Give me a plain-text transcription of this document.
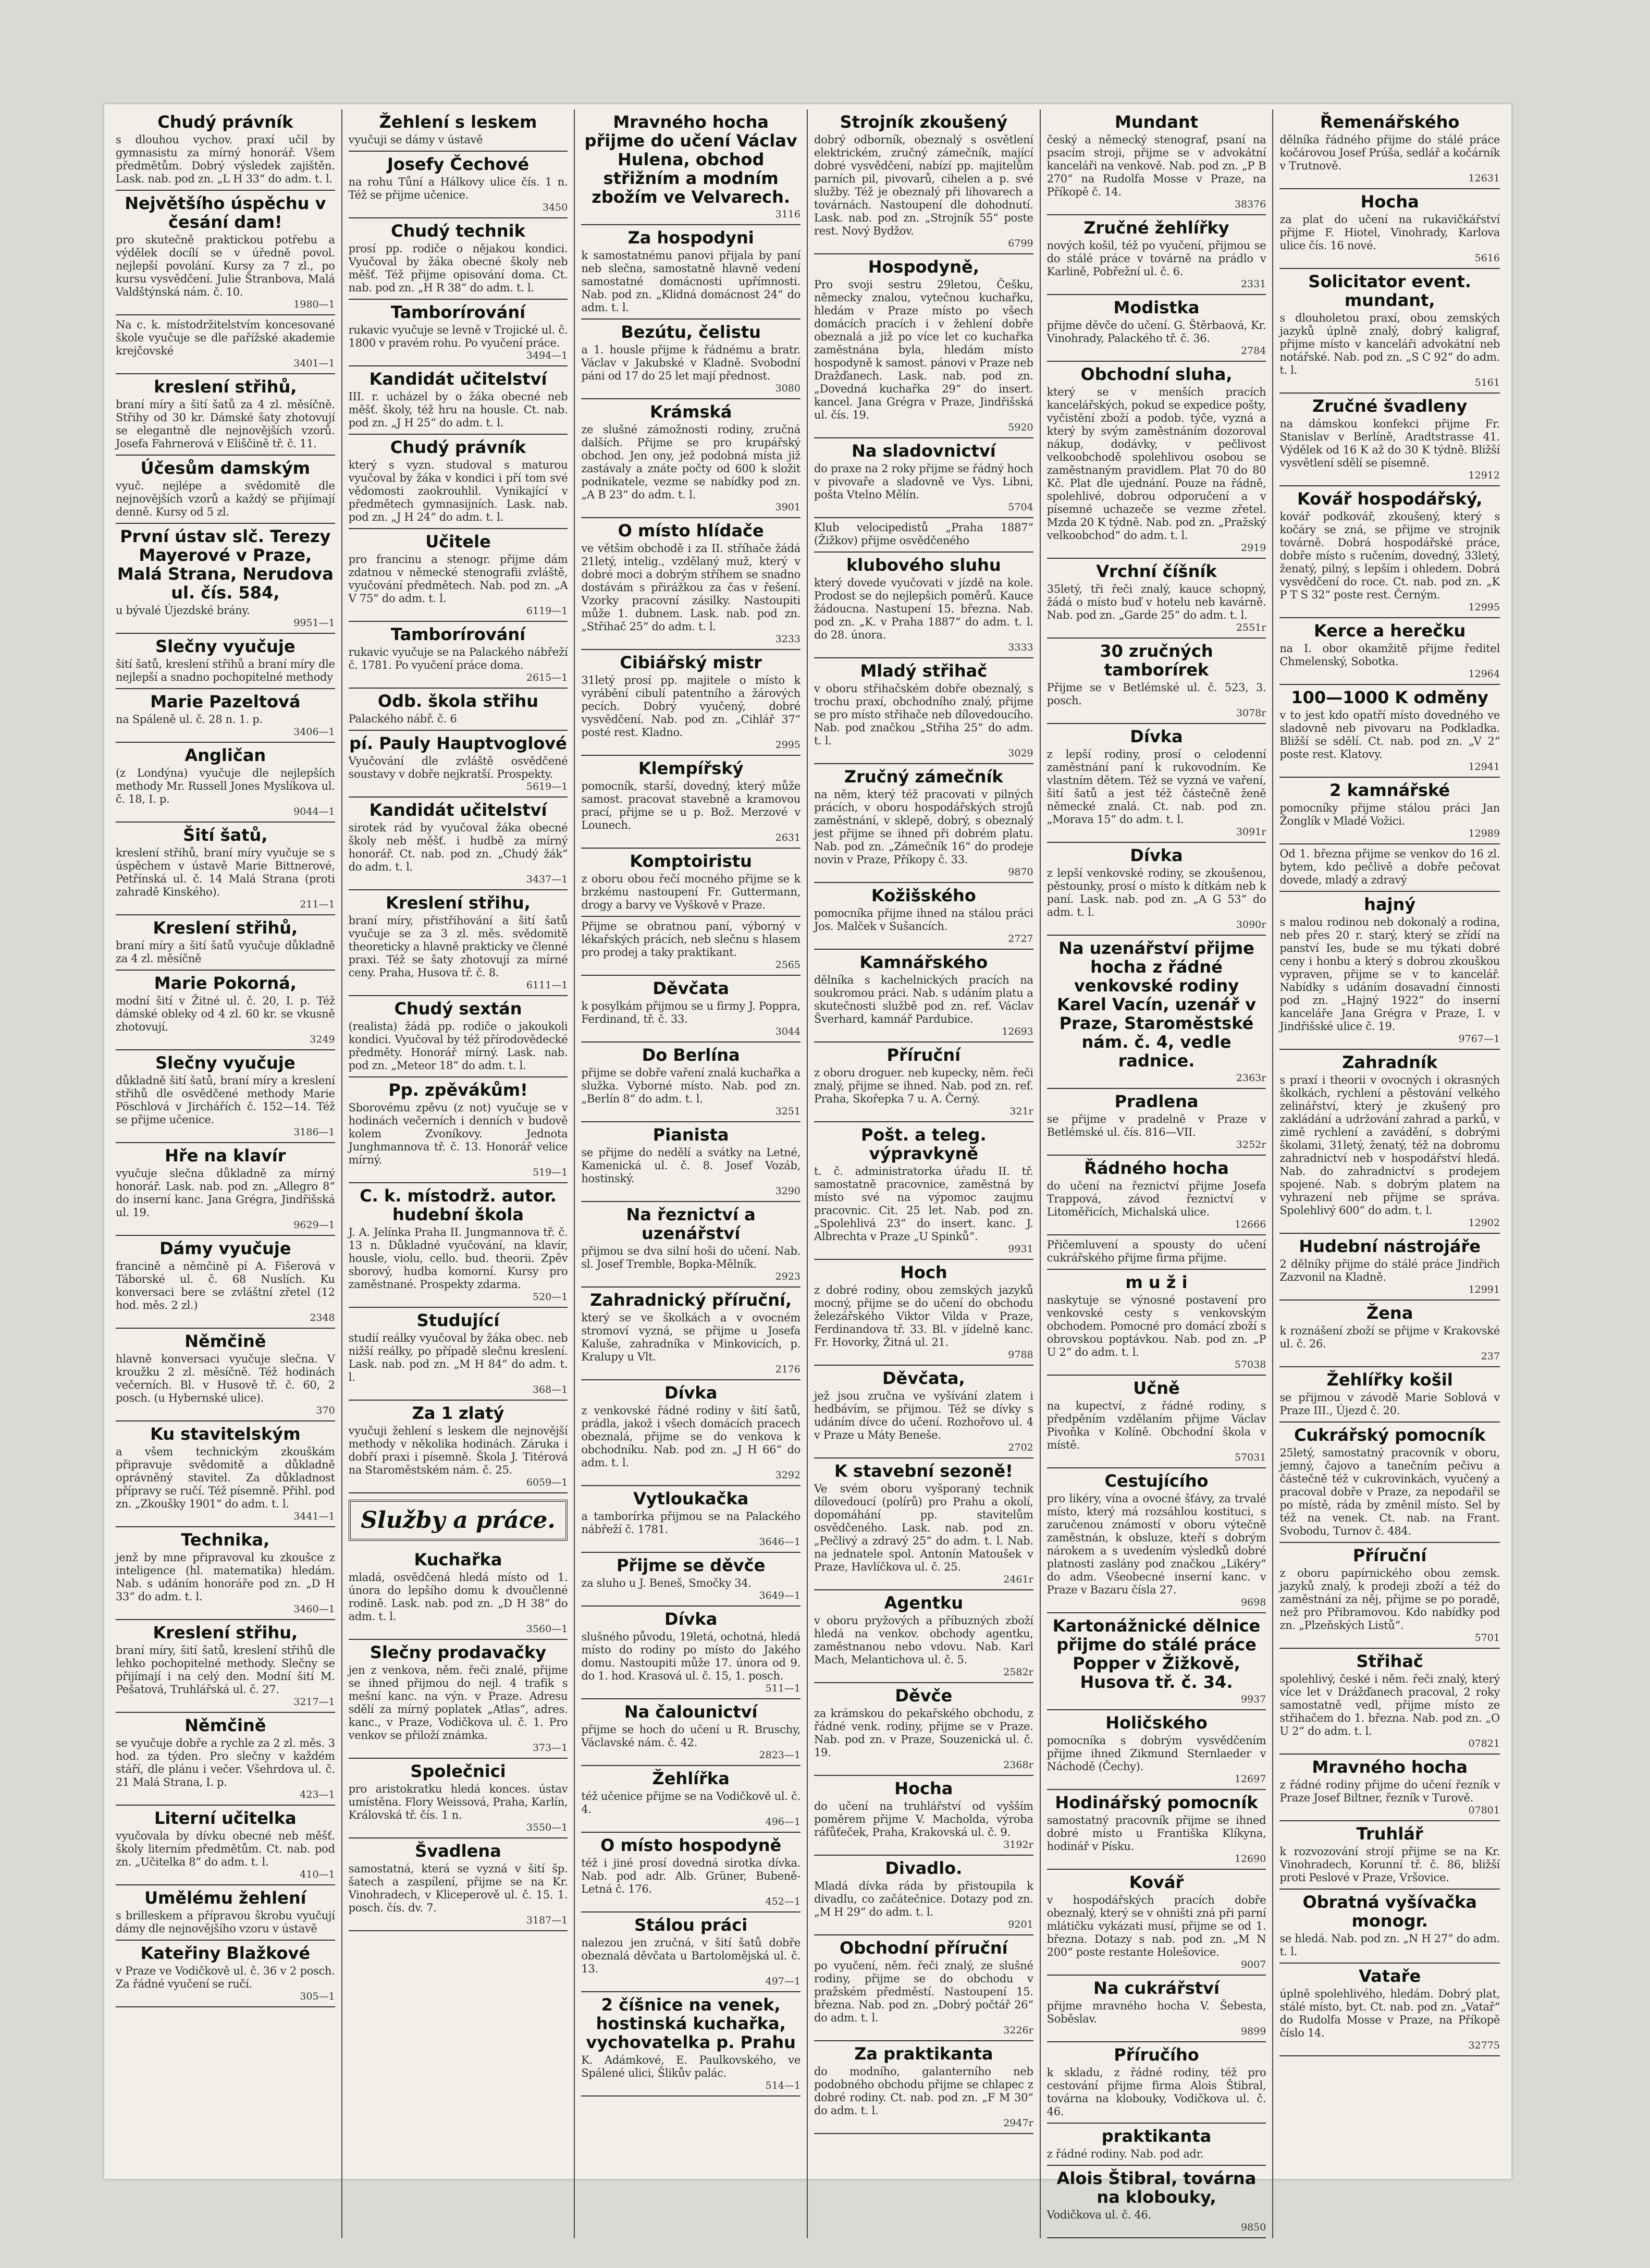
Chudý právník

s dlouhou vychov. praxí učil by gymnasistu za mírný honorář. Všem předmětům. Dobrý výsledek zajištěn. Lask. nab. pod zn. „L H 33“ do adm. t. l.

Největšího úspěchu v česání dam!

pro skutečně praktickou potřebu a výdělek docílí se v úředně povol. nejlepší povolání. Kursy za 7 zl., po kursu vysvědčení. Julie Štranbova, Malá Valdštýnská nám. č. 10.

1980—1

Na c. k. místodržitelstvím koncesované škole vyučuje se dle pařížské akademie krejčovské

3401—1
kreslení střihů,

braní míry a šití šatů za 4 zl. měsíčně. Střihy od 30 kr. Dámské šaty zhotovují se elegantně dle nejnovějších vzorů. Josefa Fahrnerová v Eliščině tř. č. 11.

Účesům damským

vyuč. nejlépe a svědomitě dle nejnovějších vzorů a každý se přijímají denně. Kursy od 5 zl.

První ústav slč. Terezy Mayerové v Praze, Malá Strana, Nerudova ul. čís. 584,

u bývalé Újezdské brány.

9951—1
Slečny vyučuje

šití šatů, kreslení střihů a braní míry dle nejlepší a snadno pochopitelné methody

Marie Pazeltová

na Spáleně ul. č. 28 n. 1. p.

3406—1
Angličan

(z Londýna) vyučuje dle nejlepších methody Mr. Russell Jones Myslíkova ul. č. 18, I. p.

9044—1
Šití šatů,

kreslení střihů, braní míry vyučuje se s úspěchem v ústavě Marie Bittnerové, Petřínská ul. č. 14 Malá Strana (proti zahradě Kinského).

211—1
Kreslení střihů,

braní míry a šití šatů vyučuje důkladně za 4 zl. měsíčně

Marie Pokorná,

modní šití v Žitné ul. č. 20, I. p. Též dámské obleky od 4 zl. 60 kr. se vkusně zhotovují.

3249
Slečny vyučuje

důkladně šití šatů, braní míry a kreslení střihů dle osvědčené methody Marie Pöschlová v Jirchářích č. 152—14. Též se přijme učenice.

3186—1
Hře na klavír

vyučuje slečna důkladně za mírný honorář. Lask. nab. pod zn. „Allegro 8“ do inserní kanc. Jana Grégra, Jindřišská ul. 19.

9629—1
Dámy vyučuje

francině a němčině pí A. Fišerová v Táborské ul. č. 68 Nuslích. Ku konversaci bere se zvláštní zřetel (12 hod. měs. 2 zl.)

2348
Němčině

hlavně konversaci vyučuje slečna. V kroužku 2 zl. měsíčně. Též hodinách večerních. Bl. v Husově tř. č. 60, 2 posch. (u Hybernské ulice).

370
Ku stavitelským

a všem technickým zkouškám připravuje svědomitě a důkladně oprávněný stavitel. Za důkladnost přípravy se ručí. Též písemně. Přihl. pod zn. „Zkoušky 1901“ do adm. t. l.

3441—1
Technika,

jenž by mne připravoval ku zkoušce z inteligence (hl. matematika) hledám. Nab. s udáním honoráře pod zn. „D H 33“ do adm. t. l.

3460—1
Kreslení střihu,

braní míry, šití šatů, kreslení střihů dle lehko pochopitelné methody. Slečny se přijímají i na celý den. Modní šití M. Pešatová, Truhlářská ul. č. 27.

3217—1
Němčině

se vyučuje dobře a rychle za 2 zl. měs. 3 hod. za týden. Pro slečny v každém stáří, dle plánu i večer. Všehrdova ul. č. 21 Malá Strana, I. p.

423—1
Literní učitelka

vyučovala by dívku obecné neb měšť. školy literním předmětům. Ct. nab. pod zn. „Učitelka 8“ do adm. t. l.

410—1
Umělému žehlení

s brilleskem a přípravou škrobu vyučují dámy dle nejnovějšího vzoru v ústavě

Kateřiny Blažkové

v Praze ve Vodičkově ul. č. 36 v 2 posch. Za řádné vyučení se ručí.

305—1
Žehlení s leskem

vyučuji se dámy v ústavě

Josefy Čechové

na rohu Tůní a Hálkovy ulice čís. 1 n. Též se přijme učenice.

3450
Chudý technik

prosí pp. rodiče o nějakou kondici. Vyučoval by žáka obecné školy neb měšť. Též přijme opisování doma. Ct. nab. pod zn. „H R 38“ do adm. t. l.

Tamborírování

rukavic vyučuje se levně v Trojické ul. č. 1800 v pravém rohu. Po vyučení práce.

3494—1
Kandidát učitelství

III. r. ucházel by o žáka obecné neb měšť. školy, též hru na housle. Ct. nab. pod zn. „J H 25“ do adm. t. l.

Chudý právník

který s vyzn. studoval s maturou vyučoval by žáka v kondici i pří tom své vědomosti zaokrouhlil. Vynikající v předmětech gymnasijních. Lask. nab. pod zn. „J H 24“ do adm. t. l.

Učitele

pro francinu a stenogr. přijme dám zdatnou v německé stenografii zvláště, vyučování předmětech. Nab. pod zn. „A V 75“ do adm. t. l.

6119—1
Tamborírování

rukavic vyučuje se na Palackého nábřeží č. 1781. Po vyučení práce doma.

2615—1
Odb. škola střihu

Palackého nábř. č. 6

pí. Pauly Hauptvoglové

Vyučování dle zvláště osvědčené soustavy v dobře nejkratší. Prospekty.

5619—1
Kandidát učitelství

sirotek rád by vyučoval žáka obecné školy neb měšť. i hudbě za mírný honorář. Ct. nab. pod zn. „Chudý žák“ do adm. t. l.

3437—1
Kreslení střihu,

braní míry, přistřihování a šití šatů vyučuje se za 3 zl. měs. svědomitě theoreticky a hlavně prakticky ve členné praxi. Též se šaty zhotovují za mírné ceny. Praha, Husova tř. č. 8.

6111—1
Chudý sextán

(realista) žádá pp. rodiče o jakoukoli kondici. Vyučoval by též přírodovědecké předměty. Honorář mírný. Lask. nab. pod zn. „Meteor 18“ do adm. t. l.

Pp. zpěvákům!

Sborovému zpěvu (z not) vyučuje se v hodinách večerních i denních v budově kolem Zvoníkovy. Jednota Junghmannova tř. č. 13. Honorář velice mírný.

519—1
C. k. místodrž. autor. hudební škola

J. A. Jelínka Praha II. Jungmannova tř. č. 13 n. Důkladné vyučování, na klavír, housle, violu, cello. bud. theorii. Zpěv sborový, hudba komorní. Kursy pro zaměstnané. Prospekty zdarma.

520—1
Studující

studií reálky vyučoval by žáka obec. neb nižší reálky, po případě slečnu kreslení. Lask. nab. pod zn. „M H 84“ do adm. t. l.

368—1
Za 1 zlatý

vyučuji žehlení s leskem dle nejnovější methody v několika hodinách. Záruka i dobří praxi i písemně. Škola J. Titérová na Staroměstském nám. č. 25.

6059—1
Služby a práce.
Kuchařka

mladá, osvědčená hledá místo od 1. února do lepšího domu k dvoučlenné rodině. Lask. nab. pod zn. „D H 38“ do adm. t. l.

3560—1
Slečny prodavačky

jen z venkova, něm. řeči znalé, přijme se ihned přijmou do nejl. 4 trafik s mešní kanc. na výn. v Praze. Adresu sdělí za mírný poplatek „Atlas“, adres. kanc., v Praze, Vodičkova ul. č. 1. Pro venkov se přiloží známka.

373—1
Společnici

pro aristokratku hledá konces. ústav umístěna. Flory Weissová, Praha, Karlín, Královská tř. čís. 1 n.

3550—1
Švadlena

samostatná, která se vyzná v šití šp. šatech a zaspílení, přijme se na Kr. Vinohradech, v Kliceperově ul. č. 15. 1. posch. čís. dv. 7.

3187—1
Mravného hocha přijme do učení Václav Hulena, obchod střižním a modním zbožím ve Velvarech.
3116
Za hospodyni

k samostatnému panovi přijala by paní neb slečna, samostatně hlavně vedení samostatné domácnosti upřímnosti. Nab. pod zn. „Klidná domácnost 24“ do adm. t. l.

Bezútu, čelistu

a 1. housle přijme k řádnému a bratr. Václav v Jakubské v Kladně. Svobodní páni od 17 do 25 let mají přednost.

3080
Krámská

ze slušné zámožnosti rodiny, zručná dalších. Přijme se pro krupářský obchod. Jen ony, jež podobná místa již zastávaly a znáte počty od 600 k složit podnikatele, vezme se nabídky pod zn. „A B 23“ do adm. t. l.

3901
O místo hlídače

ve většim obchodě i za II. stříhače žádá 21letý, intelig., vzdělaný muž, který v dobré moci a dobrým stříhem se snadno dostávám s přirážkou za čas v řešení. Vzorky pracovní zásilky. Nastoupiti může 1. dubnem. Lask. nab. pod zn. „Střihač 25“ do adm. t. l.

3233
Cibiářský mistr

31letý prosí pp. majitele o místo k vyrábění cibulí patentního a žárových pecích. Dobrý vyučený, dobré vysvědčení. Nab. pod zn. „Cihlář 37“ posté rest. Kladno.

2995
Klempířský

pomocník, starší, dovedný, který může samost. pracovat stavebně a kramovou prací, přijme se u p. Bož. Merzové v Lounech.

2631
Komptoiristu

z oboru obou řečí mocného přijme se k brzkému nastoupení Fr. Guttermann, drogy a barvy ve Vyškově v Praze.

Přijme se obratnou paní, výborný v lékařských prácích, neb slečnu s hlasem pro prodej a taky praktikant.

2565
Děvčata

k posylkám přijmou se u firmy J. Poppra, Ferdinand, tř. č. 33.

3044
Do Berlína

přijme se dobře vaření znalá kuchařka a služka. Vyborné místo. Nab. pod zn. „Berlín 8“ do adm. t. l.

3251
Pianista

se přijme do nedělí a svátky na Letné, Kamenická ul. č. 8. Josef Vozáb, hostinský.

3290
Na řeznictví a uzenářství

přijmou se dva silní hoši do učení. Nab. sl. Josef Tremble, Bopka-Mělník.

2923
Zahradnický příruční,

který se ve školkách a v ovocném stromoví vyzná, se přijme u Josefa Kaluše, zahradníka v Minkovicích, p. Kralupy u Vlt.

2176
Dívka

z venkovské řádné rodiny v šití šatů, prádla, jakož i všech domácích pracech obeznalá, přijme se do venkova k obchodníku. Nab. pod zn. „J H 66“ do adm. t. l.

3292
Vytloukačka

a tamborírka přijmou se na Palackého nábřeží č. 1781.

3646—1
Přijme se děvče

za sluho u J. Beneš, Smočky 34.

3649—1
Dívka

slušného původu, 19letá, ochotná, hledá místo do rodiny po místo do Jakého domu. Nastoupiti může 17. února od 9. do 1. hod. Krasová ul. č. 15, 1. posch.

511—1
Na čalounictví

přijme se hoch do učení u R. Bruschy, Václavské nám. č. 42.

2823—1
Žehlířka

též učenice přijme se na Vodičkově ul. č. 4.

496—1
O místo hospodyně

též i jiné prosí dovedná sirotka dívka. Nab. pod adr. Alb. Grüner, Bubeně-Letná č. 176.

452—1
Stálou práci

nalezou jen zručná, v šití šatů dobře obeznalá děvčata u Bartolomějská ul. č. 13.

497—1
2 číšnice na venek, hostinská kuchařka, vychovatelka p. Prahu

K. Adámkové, E. Paulkovského, ve Spálené ulici, Šlikův palác.

514—1
Strojník zkoušený

dobrý odborník, obeznalý s osvětlení elektrickém, zručný zámečník, mající dobré vysvědčení, nabízí pp. majitelům parních pil, pivovarů, cihelen a p. své služby. Též je obeznalý při lihovarech a továrnách. Nastoupení dle dohodnutí. Lask. nab. pod zn. „Strojník 55“ poste rest. Nový Bydžov.

6799
Hospodyně,

Pro svoji sestru 29letou, Češku, německy znalou, vytečnou kuchařku, hledám v Praze místo po všech domácích pracích i v žehlení dobře obeznalá a již po více let co kuchařka zaměstnána byla, hledám místo hospodyně k samost. pánovi v Praze neb Dražďanech. Lask. nab. pod zn. „Dovedná kuchařka 29“ do insert. kancel. Jana Grégra v Praze, Jindřišská ul. čís. 19.

5920
Na sladovnictví

do praxe na 2 roky přijme se řádný hoch v pivovaře a sladovně ve Vys. Libni, pošta Vtelno Mělín.

5704

Klub velocipedistů „Praha 1887“ (Žižkov) přijme osvědčeného

klubového sluhu

který dovede vyučovati v jízdě na kole. Prodost se do nejlepšich poměrů. Kauce žádoucna. Nastupení 15. března. Nab. pod zn. „K. v Praha 1887“ do adm. t. l. do 28. února.

3333
Mladý střihač

v oboru střihačském dobře obeznalý, s trochu praxí, obchodního znalý, přijme se pro místo střihače neb dílovedoucího. Nab. pod značkou „Střiha 25“ do adm. t. l.

3029
Zručný zámečník

na něm, který též pracovati v pilných prácích, v oboru hospodářských strojů zaměstnání, v sklepě, dobrý, s obeznalý jest přijme se ihned při dobrém platu. Nab. pod zn. „Zámečník 16“ do prodeje novin v Praze, Příkopy č. 33.

9870
Kožišského

pomocníka přijme ihned na stálou práci Jos. Malček v Sušancích.

2727
Kamnářského

dělníka s kachelnických pracích na soukromou práci. Nab. s udáním platu a skutečnosti službě pod zn. ref. Václav Šverhard, kamnář Pardubice.

12693
Příruční

z oboru droguer. neb kupecky, něm. řeči znalý, přijme se ihned. Nab. pod zn. ref. Praha, Skořepka 7 u. A. Černý.

321r
Pošt. a teleg. výpravkyně

t. č. administratorka úřadu II. tř. samostatně pracovnice, zaměstná by místo své na výpomoc zaujmu pracovnic. Cit. 25 let. Nab. pod zn. „Spolehlivá 23“ do insert. kanc. J. Albrechta v Praze „U Spinků“.

9931
Hoch

z dobré rodiny, obou zemských jazyků mocný, přijme se do učení do obchodu železářského Viktor Vilda v Praze, Ferdinandova tř. 33. Bl. v jídelně kanc. Fr. Hovorky, Žitná ul. 21.

9788
Děvčata,

jež jsou zručna ve vyšívání zlatem i hedbávím, se přijmou. Též se dívky s udáním dívce do učení. Rozhořovo ul. 4 v Praze u Máty Beneše.

2702
K stavební sezoně!

Ve svém oboru vyšporaný technik dílovedoucí (polírů) pro Prahu a okolí, dopomáhání pp. stavitelům osvědčeného. Lask. nab. pod zn. „Pečlivý a zdravý 25“ do adm. t. l. Nab. na jednatele spol. Antonín Matoušek v Praze, Havlíčkova ul. č. 25.

2461r
Agentku

v oboru pryžových a příbuzných zboží hledá na venkov. obchody agentku, zaměstnanou nebo vdovu. Nab. Karl Mach, Melantichova ul. č. 5.

2582r
Děvče

za krámskou do pekařského obchodu, z řádné venk. rodiny, přijme se v Praze. Nab. pod zn. v Praze, Souzenická ul. č. 19.

2368r
Hocha

do učení na truhlářství od vyšším poměrem přijme V. Macholda, výroba ráfůťeček, Praha, Krakovská ul. č. 9.

3192r
Divadlo.

Mladá dívka ráda by přistoupila k divadlu, co začátečnice. Dotazy pod zn. „M H 29“ do adm. t. l.

9201
Obchodní příruční

po vyučení, něm. řeči znalý, ze slušné rodiny, přijme se do obchodu v pražském předměstí. Nastoupení 15. března. Nab. pod zn. „Dobrý počtář 26“ do adm. t. l.

3226r
Za praktikanta

do modního, galanterního neb podobného obchodu přijme se chlapec z dobré rodiny. Ct. nab. pod zn. „F M 30“ do adm. t. l.

2947r
Mundant

český a německý stenograf, psaní na psacím stroji, přijme se v advokátní kanceláři na venkově. Nab. pod zn. „P B 270“ na Rudolfa Mosse v Praze, na Příkopě č. 14.

38376
Zručné žehlířky

nových košil, též po vyučení, přijmou se do stálé práce v továrně na prádlo v Karlině, Pobřežní ul. č. 6.

2331
Modistka

přijme děvče do učení. G. Štěrbaová, Kr. Vinohrady, Palackého tř. č. 36.

2784
Obchodní sluha,

který se v menších pracích kancelářských, pokud se expedice pošty, vyčistění zboží a podob. týče, vyzná a který by svým zaměstnáním dozoroval nákup, dodávky, v pečlivost velkoobchodě spolehlivou osobou se zaměstnaným pravidlem. Plat 70 do 80 Kč. Plat dle ujednání. Pouze na řádně, spolehlivé, dobrou odporučení a v písemné uchazeče se vezme zřetel. Mzda 20 K týdně. Nab. pod zn. „Pražský velkoobchod“ do adm. t. l.

2919
Vrchní číšník

35letý, tři řeči znalý, kauce schopný, žádá o místo buď v hotelu neb kavárně. Nab. pod zn. „Garde 25“ do adm. t. l.

2551r
30 zručných tamborírek

Přijme se v Betlémské ul. č. 523, 3. posch.

3078r
Dívka

z lepší rodiny, prosí o celodenní zaměstnání paní k rukovodním. Ke vlastním dětem. Též se vyzná ve vaření, šití šatů a jest též částečně ženě německé znalá. Ct. nab. pod zn. „Morava 15“ do adm. t. l.

3091r
Dívka

z lepší venkovské rodiny, se zkoušenou, pěstounky, prosí o místo k dítkám neb k paní. Lask. nab. pod zn. „A G 53“ do adm. t. l.

3090r
Na uzenářství přijme hocha z řádné venkovské rodiny Karel Vacín, uzenář v Praze, Staroměstské nám. č. 4, vedle radnice.
2363r
Pradlena

se přijme v pradelně v Praze v Betlémské ul. čís. 816—VII.

3252r
Řádného hocha

do učení na řeznictví přijme Josefa Trappová, závod řeznictví v Litoměřicích, Michalská ulice.

12666

Přičemluvení a spousty do učení cukrářského přijme firma přijme.

m u ž i

naskytuje se výnosné postavení pro venkovské cesty s venkovským obchodem. Pomocné pro domácí zboží s obrovskou poptávkou. Nab. pod zn. „P U 2“ do adm. t. l.

57038
Učně

na kupectví, z řádné rodiny, s předpěním vzdělaním přijme Václav Pivoňka v Kolíně. Obchodní škola v místě.

57031
Cestujícího

pro likéry, vína a ovocné šťávy, za trvalé místo, který má rozsáhlou kostituci, s zaručenou známostí v oboru výtečně zaměstnán, k obsluze, kteří s dobrým nárokem a s uvedením výsledků dobré platnosti zaslány pod značkou „Likéry“ do adm. Všeobecné inserní kanc. v Praze v Bazaru čísla 27.

9698
Kartonážnické dělnice přijme do stálé práce Popper v Žižkově, Husova tř. č. 34.
9937
Holičského

pomocníka s dobrým vysvědčením přijme ihned Zikmund Sternlaeder v Náchodě (Čechy).

12697
Hodinářský pomocník

samostatný pracovník přijme se ihned dobré místo u Františka Klíkyna, hodinář v Písku.

12690
Kovář

v hospodářských pracích dobře obeznalý, který se v ohništi zná při parní mlátičku vykázati musí, přijme se od 1. března. Dotazy s nab. pod zn. „M N 200“ poste restante Holešovice.

9007
Na cukrářství

přijme mravného hocha V. Šebesta, Soběslav.

9899
Příručího

k skladu, z řádné rodiny, též pro cestování přijme firma Alois Štibral, továrna na klobouky, Vodičkova ul. č. 46.

praktikanta

z řádné rodiny. Nab. pod adr.

Alois Štibral, továrna na klobouky,

Vodičkova ul. č. 46.

9850
Řemenářského

dělníka řádného přijme do stálé práce kočárovou Josef Prúša, sedlář a kočárník v Trutnově.

12631
Hocha

za plat do učení na rukavičkářství přijme F. Hiotel, Vinohrady, Karlova ulice čís. 16 nové.

5616
Solicitator event. mundant,

s dlouholetou praxí, obou zemských jazyků úplně znalý, dobrý kaligraf, přijme místo v kanceláři advokátní neb notářské. Nab. pod zn. „S C 92“ do adm. t. l.

5161
Zručné švadleny

na dámskou konfekci přijme Fr. Stanislav v Berlíně, Aradtstrasse 41. Výdělek od 16 K až do 30 K týdně. Bližší vysvětlení sdělí se písemně.

12912
Kovář hospodářský,

kovář podkovář, zkoušený, který s kočáry se zná, se přijme ve strojnik továrně. Dobrá hospodářské práce, dobře místo s ručením, dovedný, 33letý, ženatý, pilný, s lepším i ohledem. Dobrá vysvědčení do roce. Ct. nab. pod zn. „K P T S 32“ poste rest. Černým.

12995
Kerce a herečku

na I. obor okamžitě přijme ředitel Chmelenský, Sobotka.

12964
100—1000 K odměny

v to jest kdo opatří místo dovedného ve sladovně neb pivovaru na Podkladka. Bližší se sdělí. Ct. nab. pod zn. „V 2“ poste rest. Klatovy.

12941
2 kamnářské

pomocníky přijme stálou práci Jan Žonglík v Mladé Vožici.

12989

Od 1. března přijme se venkov do 16 zl. bytem, kdo pečlivě a dobře pečovat dovede, mladý a zdravý

hajný

s malou rodinou neb dokonalý a rodina, neb přes 20 r. starý, který se zřídí na panství Ies, bude se mu týkati dobré ceny i honbu a který s dobrou zkouškou vypraven, přijme se v to kancelář. Nabídky s udáním dosavadní činnosti pod zn. „Hajný 1922“ do inserní kanceláře Jana Grégra v Praze, I. v Jindřišské ulice č. 19.

9767—1
Zahradník

s praxí i theorii v ovocných i okrasných školkách, rychlení a pěstování velkého zelinářství, který je zkušený pro zakládání a udržování zahrad a parků, v zimě rychlení a zavádění, s dobrými školami, 31letý, ženatý, též na dobromu zahradnictví neb v hospodářství hledá. Nab. do zahradnictví s prodejem spojené. Nab. s dobrým platem na vyhrazení neb přijme se správa. Spolehlivý 600“ do adm. t. l.

12902
Hudební nástrojáře

2 dělníky přijme do stálé práce Jindřich Zazvonil na Kladně.

12991
Žena

k roznášení zboží se přijme v Krakovské ul. č. 26.

237
Žehlířky košil

se přijmou v závodě Marie Soblová v Praze III., Újezd č. 20.

Cukrářský pomocník

25letý, samostatný pracovník v oboru, jemný, čajovo a tanečním pečivu a částečně též v cukrovinkách, vyučený a pracoval dobře v Praze, za nepodařil se po místě, ráda by změnil místo. Sel by též na venek. Ct. nab. na Frant. Svobodu, Turnov č. 484.

Příruční

z oboru papírnického obou zemsk. jazyků znalý, k prodeji zboží a též do zaměstnání za něj, přijme se po poradě, než pro Přibramovou. Kdo nabídky pod zn. „Plzeňských Listů“.

5701
Střihač

spolehlivý, české i něm. řeči znalý, který více let v Drážďanech pracoval, 2 roky samostatně vedl, přijme místo ze střihačem do 1. března. Nab. pod zn. „O U 2“ do adm. t. l.

07821
Mravného hocha

z řádné rodiny přijme do učení řezník v Praze Josef Biltner, řezník v Turově.

07801
Truhlář

k rozvozování strojí přijme se na Kr. Vinohradech, Korunní tř. č. 86, bližší proti Peslové v Praze, Vršovice.

Obratná vyšívačka monogr.

se hledá. Nab. pod zn. „N H 27“ do adm. t. l.

Vataře

úplně spolehlivého, hledám. Dobrý plat, stálé místo, byt. Ct. nab. pod zn. „Vatař“ do Rudolfa Mosse v Praze, na Příkopě číslo 14.

32775
